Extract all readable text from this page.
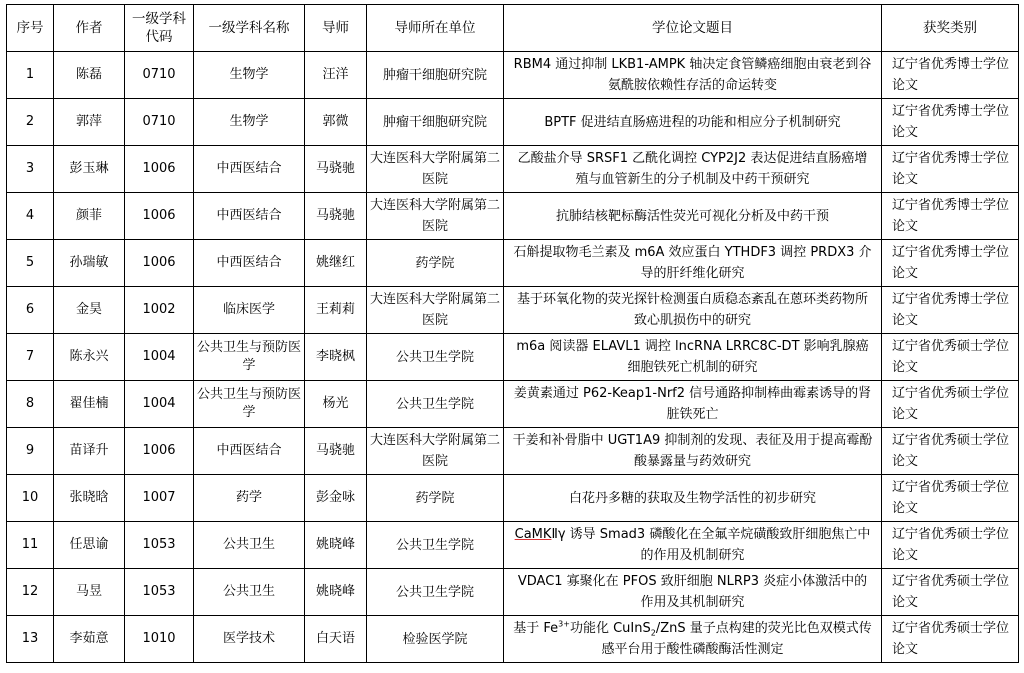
序号	作者	一级学科代码	一级学科名称	导师	导师所在单位	学位论文题目	获奖类别
1	陈磊	0710	生物学	汪洋	肿瘤干细胞研究院	RBM4 通过抑制 LKB1-AMPK 轴决定食管鳞癌细胞由衰老到谷氨酰胺依赖性存活的命运转变	辽宁省优秀博士学位论文
2	郭萍	0710	生物学	郭微	肿瘤干细胞研究院	BPTF 促进结直肠癌进程的功能和相应分子机制研究	辽宁省优秀博士学位论文
3	彭玉琳	1006	中西医结合	马骁驰	大连医科大学附属第二医院	乙酸盐介导 SRSF1 乙酰化调控 CYP2J2 表达促进结直肠癌增殖与血管新生的分子机制及中药干预研究	辽宁省优秀博士学位论文
4	颜菲	1006	中西医结合	马骁驰	大连医科大学附属第二医院	抗肺结核靶标酶活性荧光可视化分析及中药干预	辽宁省优秀博士学位论文
5	孙瑞敏	1006	中西医结合	姚继红	药学院	石斛提取物毛兰素及 m6A 效应蛋白 YTHDF3 调控 PRDX3 介导的肝纤维化研究	辽宁省优秀博士学位论文
6	金昊	1002	临床医学	王莉莉	大连医科大学附属第二医院	基于环氧化物的荧光探针检测蛋白质稳态紊乱在蒽环类药物所致心肌损伤中的研究	辽宁省优秀博士学位论文
7	陈永兴	1004	公共卫生与预防医学	李晓枫	公共卫生学院	m6a 阅读器 ELAVL1 调控 lncRNA LRRC8C-DT 影响乳腺癌细胞铁死亡机制的研究	辽宁省优秀硕士学位论文
8	翟佳楠	1004	公共卫生与预防医学	杨光	公共卫生学院	姜黄素通过 P62-Keap1-Nrf2 信号通路抑制棒曲霉素诱导的肾脏铁死亡	辽宁省优秀硕士学位论文
9	苗译升	1006	中西医结合	马骁驰	大连医科大学附属第二医院	干姜和补骨脂中 UGT1A9 抑制剂的发现、表征及用于提高霉酚酸暴露量与药效研究	辽宁省优秀硕士学位论文
10	张晓晗	1007	药学	彭金咏	药学院	白花丹多糖的获取及生物学活性的初步研究	辽宁省优秀硕士学位论文
11	任思谕	1053	公共卫生	姚晓峰	公共卫生学院	CaMKⅡγ 诱导 Smad3 磷酸化在全氟辛烷磺酸致肝细胞焦亡中的作用及机制研究	辽宁省优秀硕士学位论文
12	马昱	1053	公共卫生	姚晓峰	公共卫生学院	VDAC1 寡聚化在 PFOS 致肝细胞 NLRP3 炎症小体激活中的作用及其机制研究	辽宁省优秀硕士学位论文
13	李茹意	1010	医学技术	白天语	检验医学院	基于 $Fe^{3+}$功能化 CuInS$_2$/ZnS 量子点构建的荧光比色双模式传感平台用于酸性磷酸酶活性测定	辽宁省优秀硕士学位论文
